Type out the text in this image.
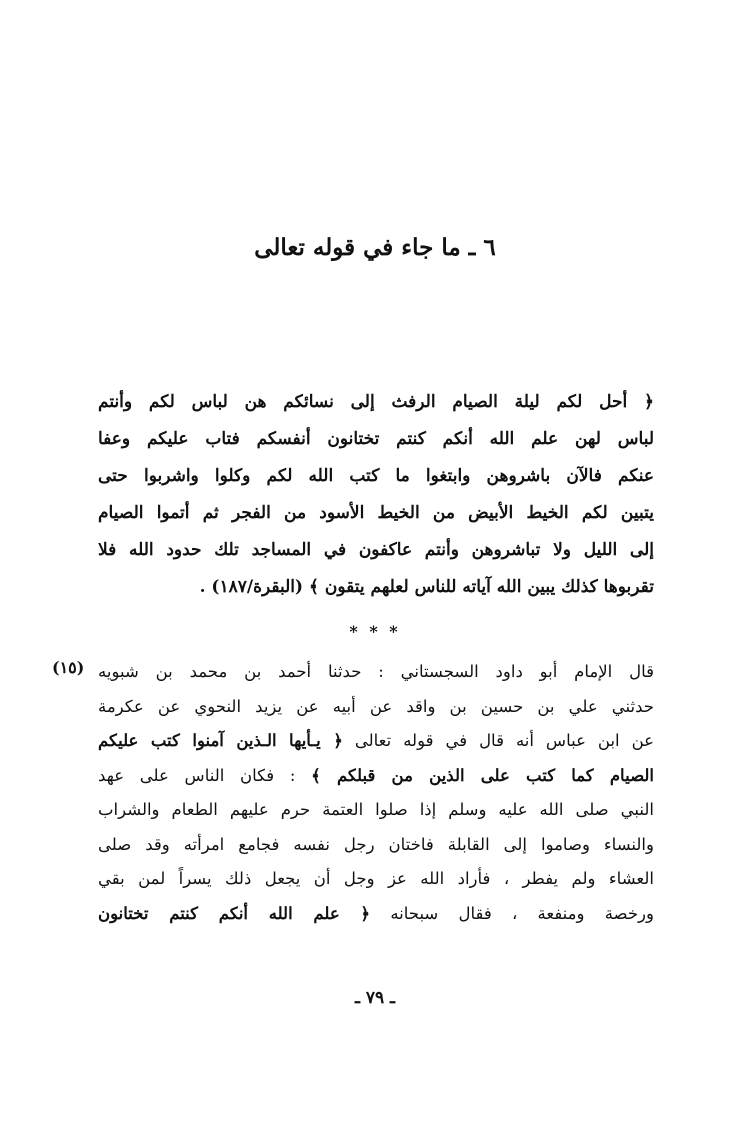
٦ ـ ما جاء في قوله تعالى
﴿ أحل لكم ليلة الصيام الرفث إلى نسائكم هن لباس لكم وأنتم
لباس لهن علم الله أنكم كنتم تختانون أنفسكم فتاب عليكم وعفا
عنكم فالآن باشروهن وابتغوا ما كتب الله لكم وكلوا واشربوا حتى
يتبين لكم الخيط الأبيض من الخيط الأسود من الفجر ثم أتموا الصيام
إلى الليل ولا تباشروهن وأنتم عاكفون في المساجد تلك حدود الله فلا
تقربوها كذلك يبين الله آياته للناس لعلهم يتقون ﴾ (البقرة/١٨٧) .
* * *
(١٥) قال الإمام أبو داود السجستاني : حدثنا أحمد بن محمد بن شبويه
حدثني علي بن حسين بن واقد عن أبيه عن يزيد النحوي عن عكرمة
عن ابن عباس أنه قال في قوله تعالى ﴿ يـأيها الـذين آمنوا كتب عليكم
الصيام كما كتب على الذين من قبلكم ﴾ : فكان الناس على عهد
النبي صلى الله عليه وسلم إذا صلوا العتمة حرم عليهم الطعام والشراب
والنساء وصاموا إلى القابلة فاختان رجل نفسه فجامع امرأته وقد صلى
العشاء ولم يفطر ، فأراد الله عز وجل أن يجعل ذلك يسراً لمن بقي
ورخصة ومنفعة ، فقال سبحانه ﴿ علم الله أنكم كنتم تختانون
ـ ٧٩ ـ
